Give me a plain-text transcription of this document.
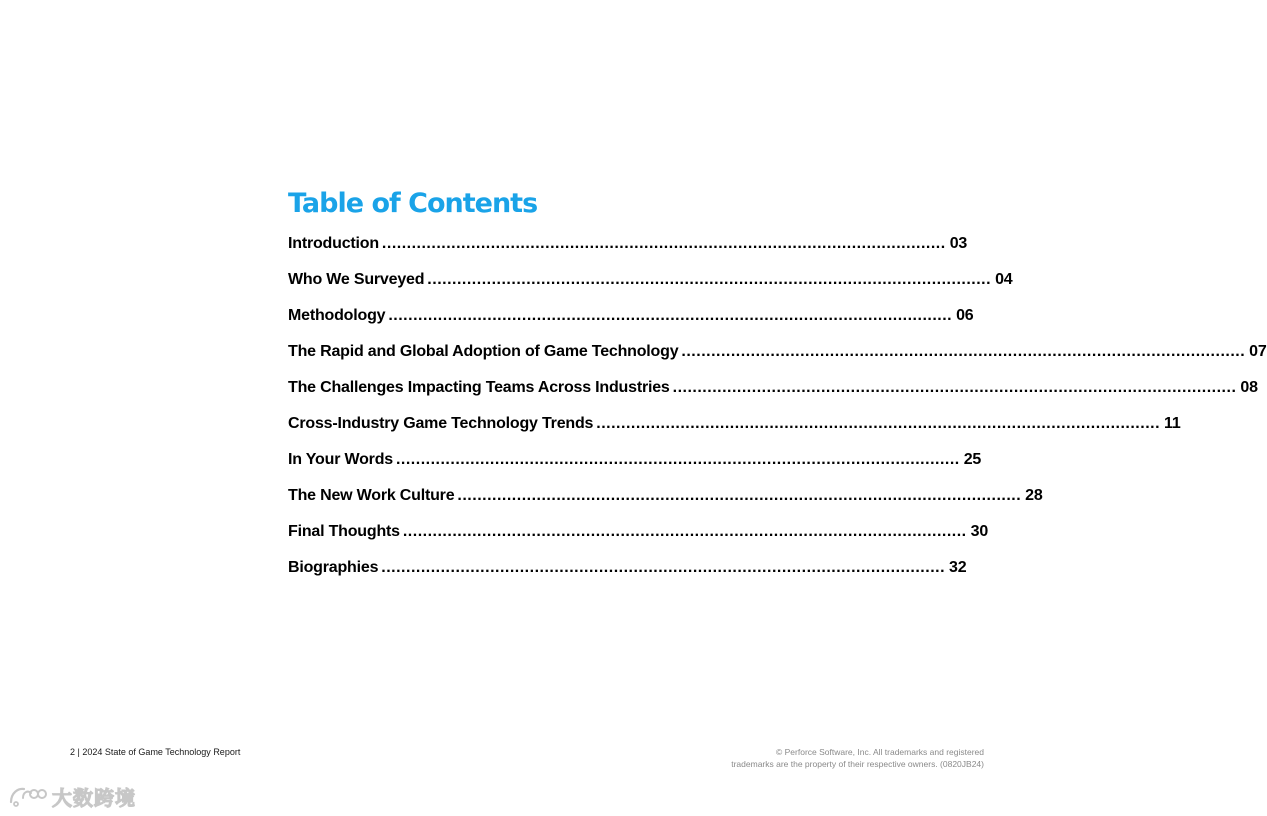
Table of Contents
Introduction .................................................................................................................. 03
Who We Surveyed .................................................................................................................. 04
Methodology .................................................................................................................. 06
The Rapid and Global Adoption of Game Technology .................................................................................................................. 07
The Challenges Impacting Teams Across Industries .................................................................................................................. 08
Cross-Industry Game Technology Trends .................................................................................................................. 11
In Your Words .................................................................................................................. 25
The New Work Culture .................................................................................................................. 28
Final Thoughts .................................................................................................................. 30
Biographies .................................................................................................................. 32
2 | 2024 State of Game Technology Report	© Perforce Software, Inc. All trademarks and registered
trademarks are the property of their respective owners. (0820JB24)
大数跨境
